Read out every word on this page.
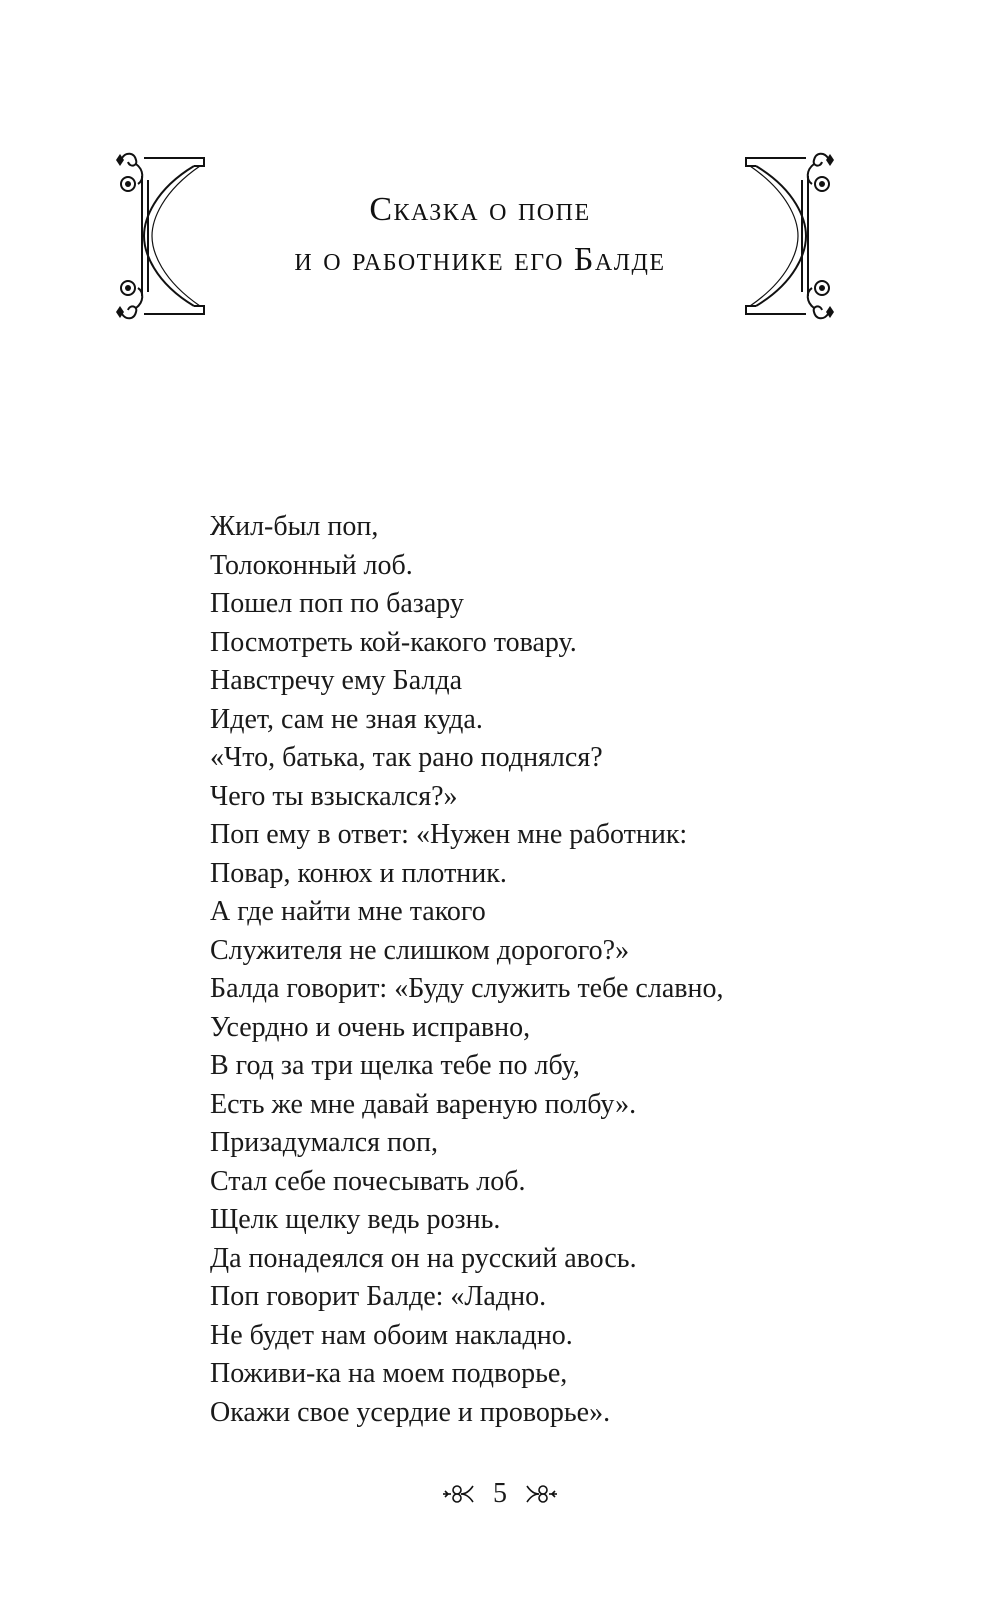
Сказка о попе
и о работнике его Балде
Жил-был поп,
Толоконный лоб.
Пошел поп по базару
Посмотреть кой-какого товару.
Навстречу ему Балда
Идет, сам не зная куда.
«Что, батька, так рано поднялся?
Чего ты взыскался?»
Поп ему в ответ: «Нужен мне работник:
Повар, конюх и плотник.
А где найти мне такого
Служителя не слишком дорогого?»
Балда говорит: «Буду служить тебе славно,
Усердно и очень исправно,
В год за три щелка тебе по лбу,
Есть же мне давай вареную полбу».
Призадумался поп,
Стал себе почесывать лоб.
Щелк щелку ведь рознь.
Да понадеялся он на русский авось.
Поп говорит Балде: «Ладно.
Не будет нам обоим накладно.
Поживи-ка на моем подворье,
Окажи свое усердие и проворье».
5
